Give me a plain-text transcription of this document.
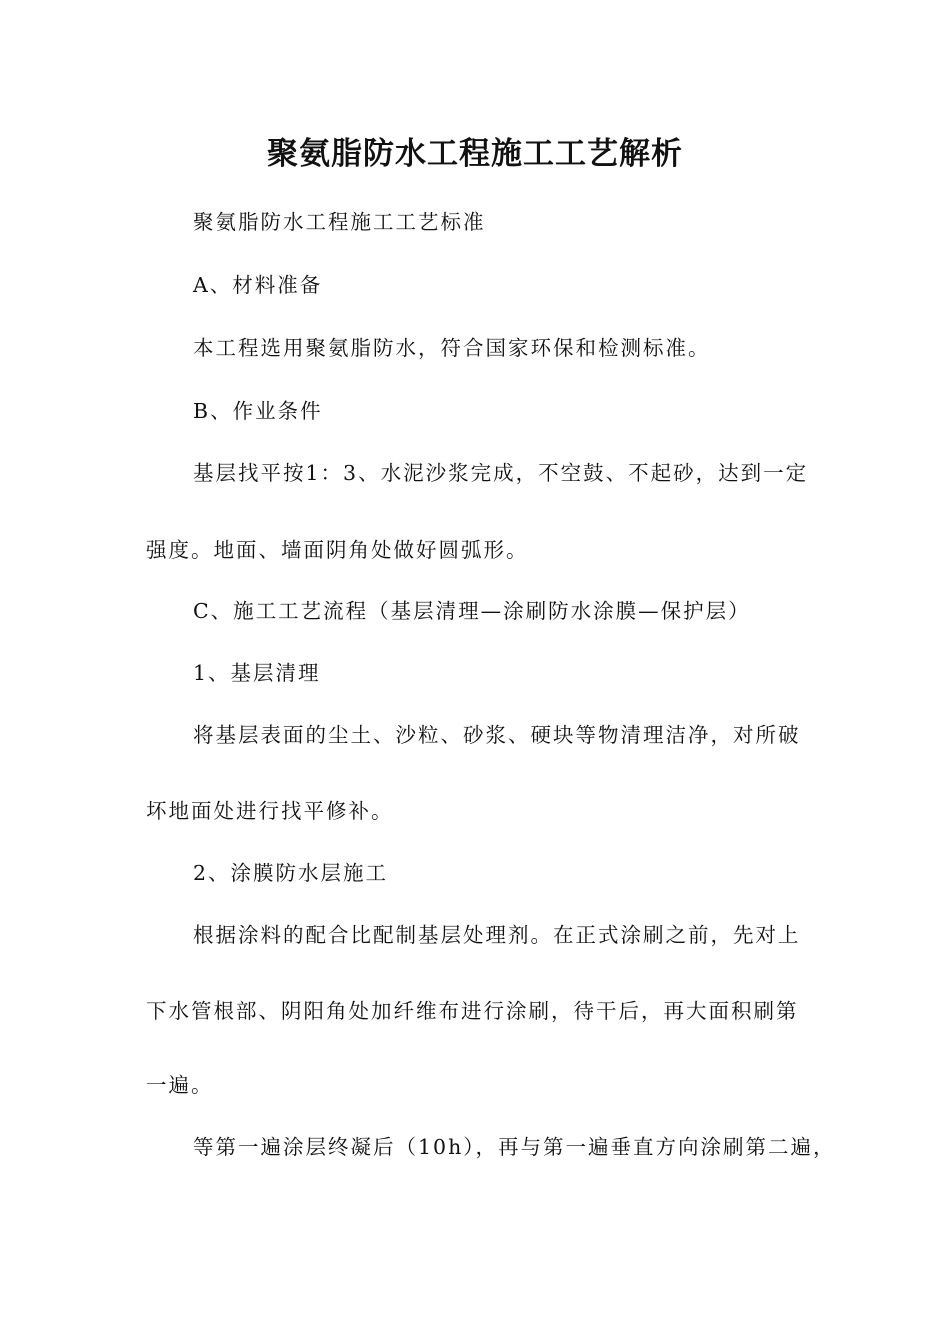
聚氨脂防水工程施工工艺解析

聚氨脂防水工程施工工艺标准

A、材料准备

本工程选用聚氨脂防水，符合国家环保和检测标准。

B、作业条件

基层找平按1：3、水泥沙浆完成，不空鼓、不起砂，达到一定

强度。地面、墙面阴角处做好圆弧形。

C、施工工艺流程（基层清理—涂刷防水涂膜—保护层）

1、基层清理

将基层表面的尘土、沙粒、砂浆、硬块等物清理洁净，对所破

坏地面处进行找平修补。

2、涂膜防水层施工

根据涂料的配合比配制基层处理剂。在正式涂刷之前，先对上

下水管根部、阴阳角处加纤维布进行涂刷，待干后，再大面积刷第

一遍。

等第一遍涂层终凝后（10h），再与第一遍垂直方向涂刷第二遍，
